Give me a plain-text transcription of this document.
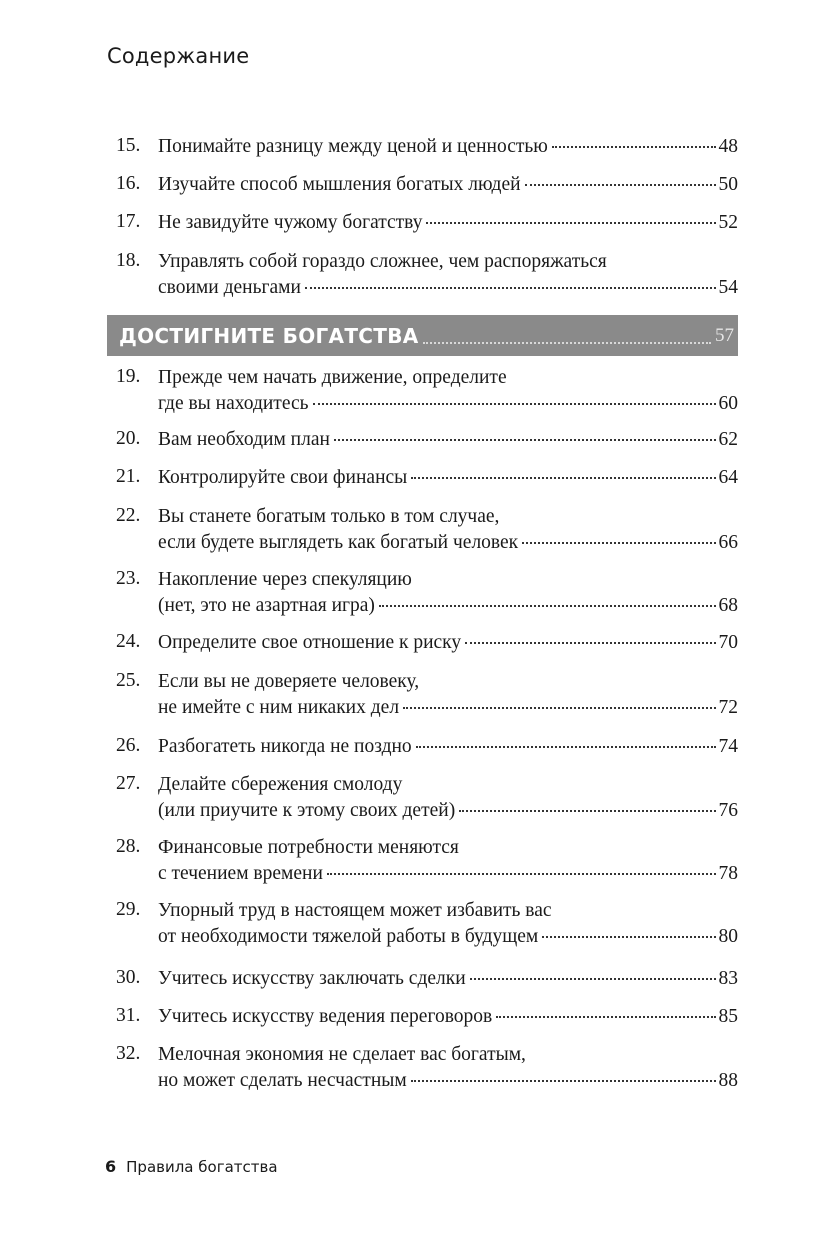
Содержание
15. Понимайте разницу между ценой и ценностью	48
16. Изучайте способ мышления богатых людей	50
17. Не завидуйте чужому богатству	52
18. Управлять собой гораздо сложнее, чем распоряжаться
своими деньгами	54
ДОСТИГНИТЕ БОГАТСТВА	57
19. Прежде чем начать движение, определите
где вы находитесь	60
20. Вам необходим план	62
21. Контролируйте свои финансы	64
22. Вы станете богатым только в том случае,
если будете выглядеть как богатый человек	66
23. Накопление через спекуляцию
(нет, это не азартная игра)	68
24. Определите свое отношение к риску	70
25. Если вы не доверяете человеку,
не имейте с ним никаких дел	72
26. Разбогатеть никогда не поздно	74
27. Делайте сбережения смолоду
(или приучите к этому своих детей)	76
28. Финансовые потребности меняются
с течением времени	78
29. Упорный труд в настоящем может избавить вас
от необходимости тяжелой работы в будущем	80
30. Учитесь искусству заключать сделки	83
31. Учитесь искусству ведения переговоров	85
32. Мелочная экономия не сделает вас богатым,
но может сделать несчастным	88
6 Правила богатства
